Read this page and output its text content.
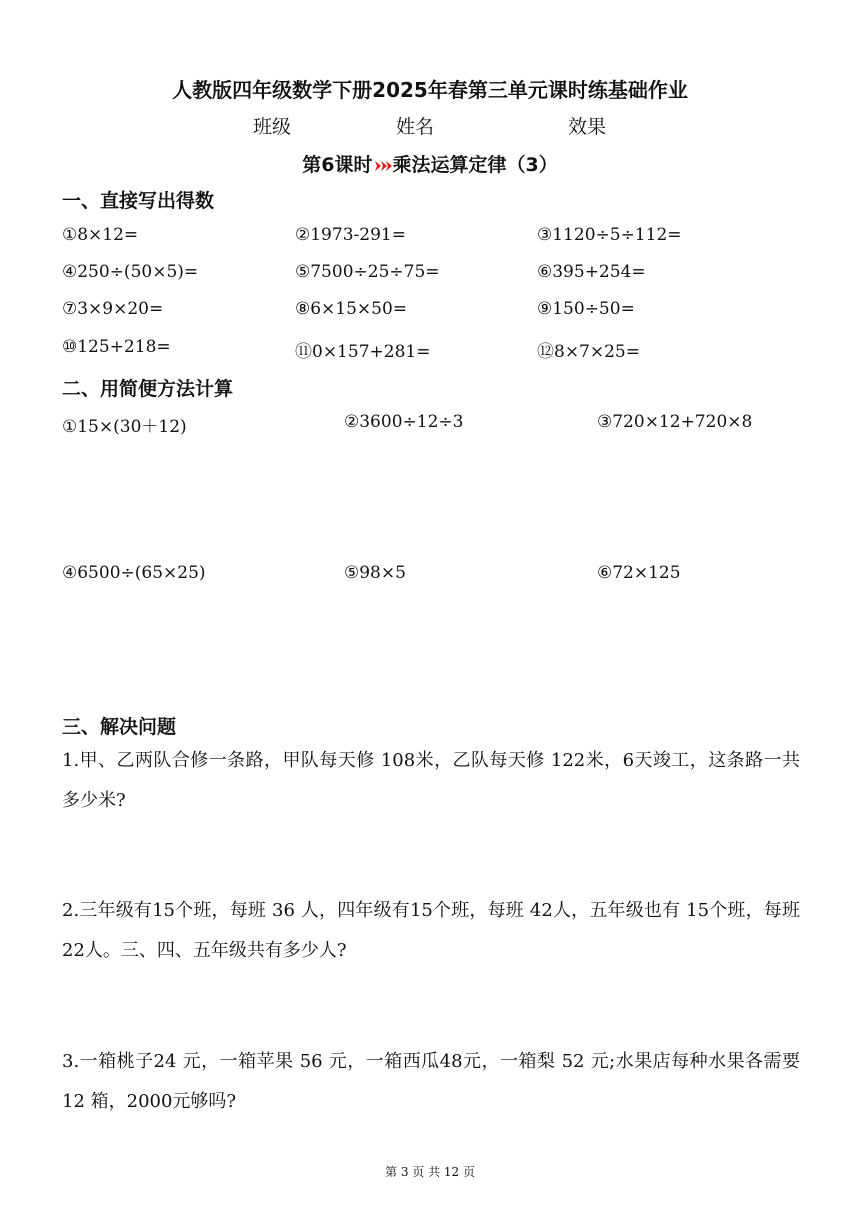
人教版四年级数学下册2025年春第三单元课时练基础作业
班级	姓名	效果
第6课时 乘法运算定律（3）
一、直接写出得数
①8×12=	②1973-291=	③1120÷5÷112=
④250÷(50×5)=	⑤7500÷25÷75=	⑥395+254=
⑦3×9×20=	⑧6×15×50=	⑨150÷50=
⑩125+218=	⑪0×157+281=	⑫8×7×25=
二、用简便方法计算
①15×(30＋12)	②3600÷12÷3	③720×12+720×8
④6500÷(65×25)	⑤98×5	⑥72×125
三、解决问题
1.甲、乙两队合修一条路，甲队每天修 108米，乙队每天修 122米，6天竣工，这条路一共多少米?
2.三年级有15个班，每班 36 人，四年级有15个班，每班 42人，五年级也有 15个班，每班 22人。三、四、五年级共有多少人?
3.一箱桃子24 元，一箱苹果 56 元，一箱西瓜48元，一箱梨 52 元;水果店每种水果各需要 12 箱，2000元够吗?
第 3 页 共 12 页
